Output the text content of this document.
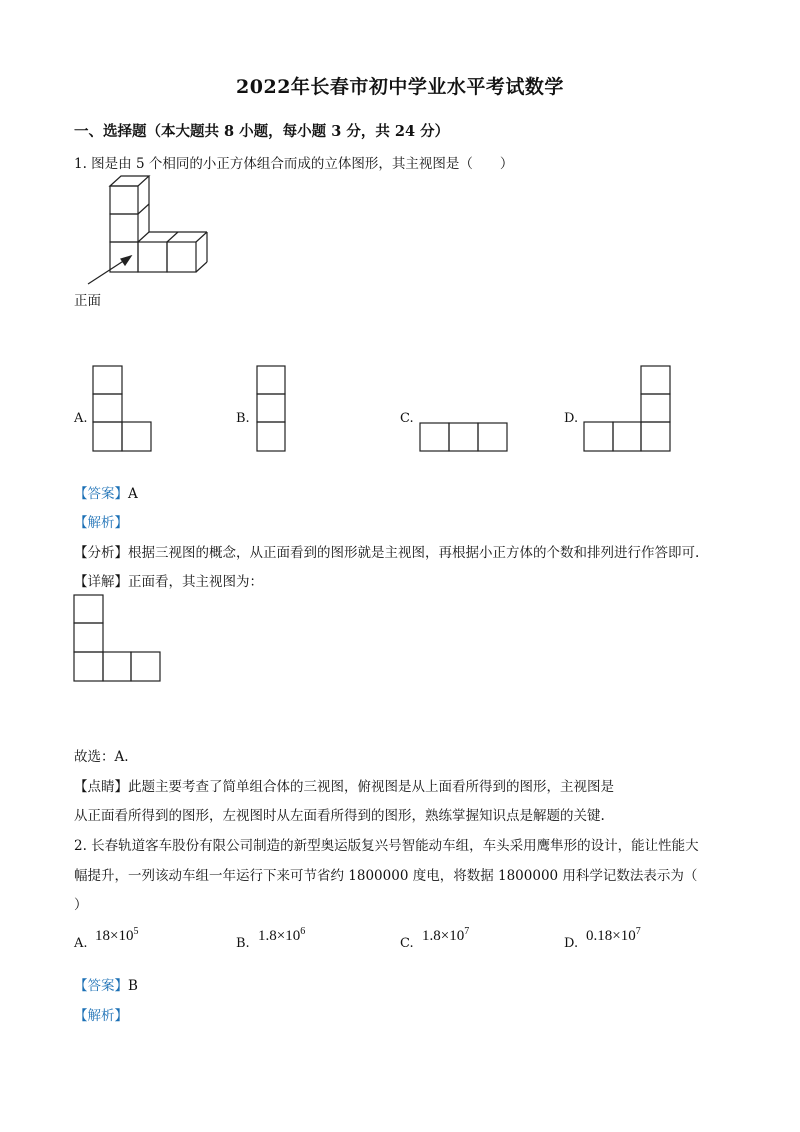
2022年长春市初中学业水平考试数学
一、选择题（本大题共 8 小题，每小题 3 分，共 24 分）
1. 图是由 5 个相同的小正方体组合而成的立体图形，其主视图是（　　）
正面
A.	B.	C.	D.
【答案】A
【解析】
【分析】根据三视图的概念，从正面看到的图形就是主视图，再根据小正方体的个数和排列进行作答即可.
【详解】正面看，其主视图为：
故选：A.
【点睛】此题主要考查了简单组合体的三视图，俯视图是从上面看所得到的图形，主视图是
从正面看所得到的图形，左视图时从左面看所得到的图形，熟练掌握知识点是解题的关键.
2. 长春轨道客车股份有限公司制造的新型奥运版复兴号智能动车组，车头采用鹰隼形的设计，能让性能大
幅提升，一列该动车组一年运行下来可节省约 1800000 度电，将数据 1800000 用科学记数法表示为（
）
A. $18\times 10^5$
B. $1.8\times 10^6$
C. $1.8\times 10^7$
D. $0.18\times 10^7$
【答案】B
【解析】
